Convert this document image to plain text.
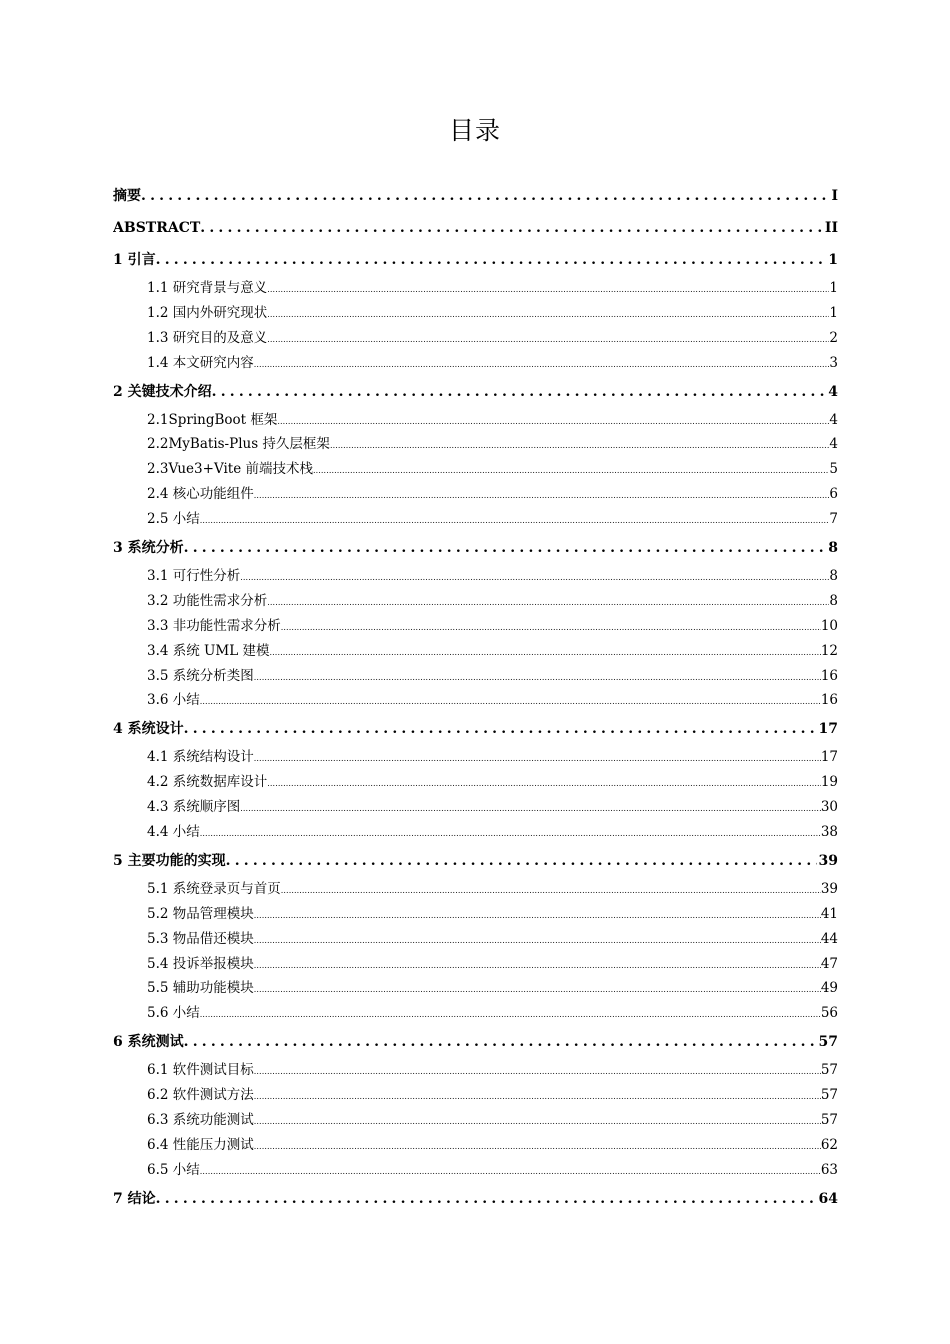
目录
摘要 .....	I
ABSTRACT .....	II
1 引言 .....	1
1.1 研究背景与意义 .....	1
1.2 国内外研究现状 .....	1
1.3 研究目的及意义 .....	2
1.4 本文研究内容 .....	3
2 关键技术介绍 .....	4
2.1SpringBoot 框架 .....	4
2.2MyBatis-Plus 持久层框架 .....	4
2.3Vue3+Vite 前端技术栈 .....	5
2.4 核心功能组件 .....	6
2.5 小结 .....	7
3 系统分析 .....	8
3.1 可行性分析 .....	8
3.2 功能性需求分析 .....	8
3.3 非功能性需求分析 .....	10
3.4 系统 UML 建模 .....	12
3.5 系统分析类图 .....	16
3.6 小结 .....	16
4 系统设计 .....	17
4.1 系统结构设计 .....	17
4.2 系统数据库设计 .....	19
4.3 系统顺序图 .....	30
4.4 小结 .....	38
5 主要功能的实现 .....	39
5.1 系统登录页与首页 .....	39
5.2 物品管理模块 .....	41
5.3 物品借还模块 .....	44
5.4 投诉举报模块 .....	47
5.5 辅助功能模块 .....	49
5.6 小结 .....	56
6 系统测试 .....	57
6.1 软件测试目标 .....	57
6.2 软件测试方法 .....	57
6.3 系统功能测试 .....	57
6.4 性能压力测试 .....	62
6.5 小结 .....	63
7 结论 .....	64
